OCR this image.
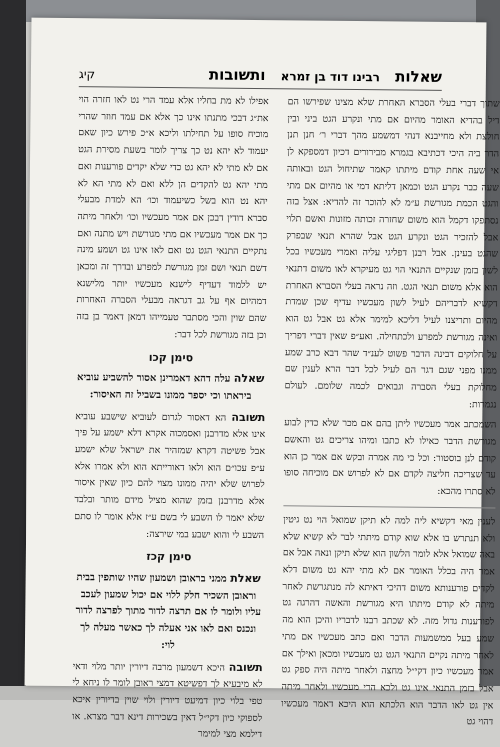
שאלות רבינו דוד בן זמרא ותשובות
קיג

שתוך דברי בעלי הסברא האחרת שלא מצינו שפירשו הם דיל בהדיא האומר מהיום אם מתי ונקרע הגט ביני ובין חולצת ולא מחייבנא דנהי דמשמע מהך דברי ר׳ חנן תנן הדר ביה היכי דכתיבא בגמרא מבירורים דכיון דמספקא לן אי שעה אחת קודם מיתתו קאמר שתיחול הגט ובאותה שעה כבר נקרע הגט וכמאן דליתא דמי או מהיום אם מתי והגט הכמת מגורשת ע״מ לא להוכר זה להדיא: אצל בזה נסתפקו דקמל הוא משום שחזרה זכותה מזונות ואשם תלוי אבל להזכיר הגט ונקרע הגט אבל שהרא תנאי שבפרק שהגט בעינן. אבל רבנן דפליגי עליה ואמרי מעכשיו בכל לשון בזמן שנקיים התנאי הוי גט מעיקרא לאו משום דתנאי הוא אלא משום תנאי הגט. וזה נראה בעלי הסברא האחרת דקשיא לדבריהם לעיל לשון מעכשיו עדיף שכן שמדת מהיום ותריצנו לעיל דליכא למימר אלא גט אבל גט הוא ואינה מגורשת למפרע ולכתחילה. ואע״פ שאין דברי דפריך על חלוקים דבינה הדבר פשוט לענ״ד שהר דבא כרב שמע ממנו מפני שגם דגר הם לעיל לכל דבר הרא לענין שם מחלוקת בעלי הסברה וגבואים לכמה שלומם. לעולם נגמרות:

השמכתב אמר מעכשיו ליתן בהם אם מכר שלא כדין לבוע מגורשת הדבר כאילו לא כתבו ומיהו צריכים גט והאשם קודם לנן בוסטור: וכל כי מה אמרה ובקש אם אמר כן הוא עד שצריכה חליצה לקדם אם לא לפרוש אם מוכיחה סופו לא סתרו מהכא:

לענין מאי דקשיא ליה למה לא תיקן שמואל הוי נט גיטין ולא תנתרש בו אלא שוא קודם מיתתי לבר לא קשיא שלא באה שמואל אלא לומר הלשון הוא שלא תיקן ונאה אבל אם אמר היה בכלל האומר אם לא מתי יהא גט משום דלא לקדים פורענותא משום דהיכי דאיתא לה מנתגרשת לאחר מיתה לא קודם מיתתו היא מגורשת והאשה דהרגה גט לפורענות גדול מזה. לא שכתב רבנו לדבריו והיכן הוא מה שמע בעל ממשמעות הדבר ואם כתב מעכשיו אם מתי לאחר מיתה נקיים התנאי הגט גט מעכשיו ומכאן ואילך אם אמר מעכשיו כיון דקי״ל מחצה ולאחר מיתה היה ספק גט אבל בזמן התנאי אינו גט ולכא הרי מעכשיו ולאחר מיתה אין גט לאו הדבר הוא הלכתא הוא היכא דאמר מעכשיו דהוי גט

אפילו לא מת בחליו אלא עמד הרי נט לאו חזרה הוי את״ג דבכי מתנתו אינו כך אלא אם עמד חוזר שהרי מוכיח סופו על תחילתו וליכא א״כ פירש כיון שאם יעמוד לא יהא נט כך צריך לומר בשעת מסירת הגט אם לא מתי לא יהא גט כדי שלא יקדים פורענות ואם מתי יהא גט להקדים הן ללא ואם לא מתי הא לא יהא נט הוא בשל כשיעמוד וכו׳ הא למדת מבעלי סברא דודין דבכן אם אמר מעכשיו וכו׳ ולאחר מיתה כך אם אמר מעכשיו אם מתי מגורשת ויש מתנה ואם נתקיים התנאי הגט גט ואם לאו אינו גט ושמע מינה דשם תנאי ושם זמן מגורשת למפרע ובדרך זה ומכאן יש ללמוד דעדיף לישנא מעכשיו יותר מלישנא דמהיום אף על גב דגראה מבעלי הסברה האחרות שהם שוין והכי מסתבר טעמייהו דמאן דאמר בן בזה וכן בזה מגורשת לכל דבר:

סימן קכו

שאלה עלה דהא דאמרינן אסור להשביע עוביא ביראתו וכי יספר ממונו בשביל זה האיסור:

תשובה הא דאסור לגרום לעוביא שישבע עוביא אינו אלא מדרבנן ואסמכוה אקרא דלא ישמע על פיך אבל פשיטה דקרא שמזהיר את ישראל שלא ישמע ע״פ עכו״ם הוא ולאו דאורייתא הוא ולא אמרו אלא לפרוש שלא יהיה ממונו מצוי להם כיון שאין איסור אלא מדרבנן בזמן שהוא מציל מידם מותר ובלבד שלא יאמר לו השבע לי בשם ע״ז אלא אומר לו סתם השבע לי והוא ישבע במי שירצה:

סימן קכז

שאלת ממני בראובן ושמעון שהיו שותפין בבית וראובן השכיר חלק ללוי אם יכול שמעון לעכב עליו ולומר לו אם תרצה לדור מתוך לפרצה לדור ונכנס ואם לאו אני אעלה לך כאשר מעלה לך לוי:

תשובה היכא דשמעון מרבה דיורין יותר מלוי ודאי לא מיבעיא לך דפשיטא דמצי ראובן לומר לו ניחא לי טפי בלוי כיון דמיעט דיורין ולוי שוין בדיורין איכא לספוקי כיון דקי״ל דאין בשכירות דינא דבר מצרא. או דילמא מצי למימר
